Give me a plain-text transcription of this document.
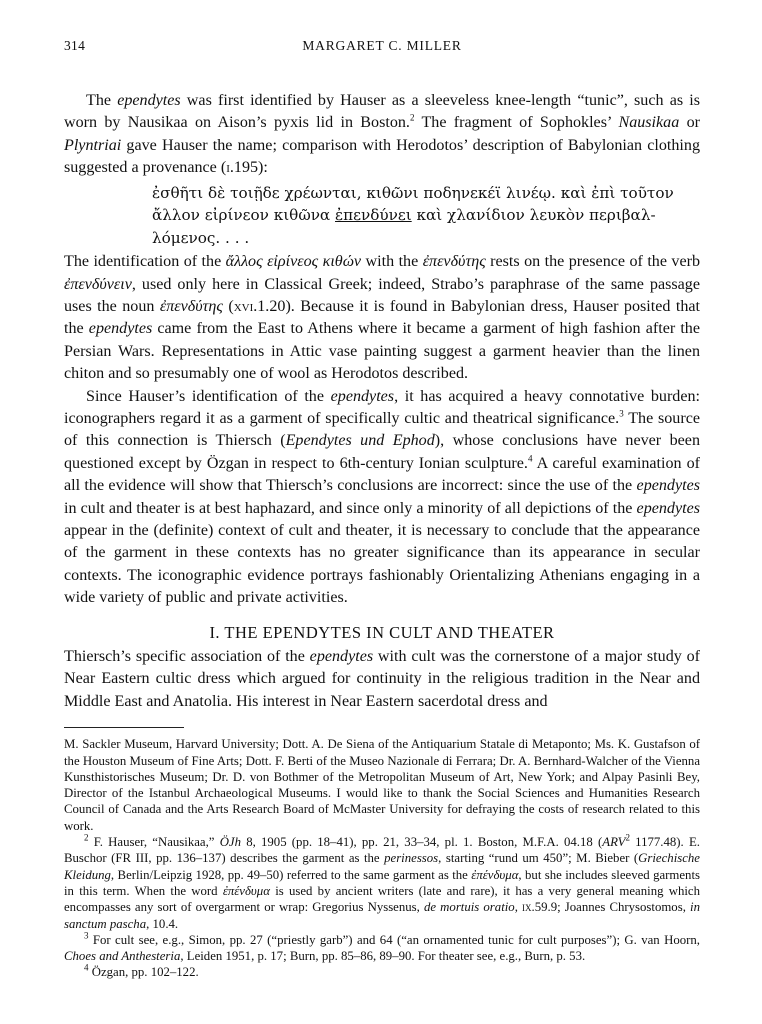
314	MARGARET C. MILLER

The ependytes was first identified by Hauser as a sleeveless knee-length “tunic”, such as is worn by Nausikaa on Aison’s pyxis lid in Boston.$^2$ The fragment of Sophokles’ Nausikaa or Plyntriai gave Hauser the name; comparison with Herodotos’ description of Babylonian clothing suggested a provenance (i.195):

ἐσθῆτι δὲ τοιῇδε χρέωνται, κιθῶνι ποδηνεκέϊ λινέῳ. καὶ ἐπὶ τοῦτον
ἄλλον εἰρίνεον κιθῶνα ἐπενδύνει καὶ χλανίδιον λευκὸν περιβαλ-
λόμενος. . . .

The identification of the ἄλλος εἰρίνεος κιθών with the ἐπενδύτης rests on the presence of the verb ἐπενδύνειν, used only here in Classical Greek; indeed, Strabo’s paraphrase of the same passage uses the noun ἐπενδύτης (xvi.1.20). Because it is found in Babylonian dress, Hauser posited that the ependytes came from the East to Athens where it became a garment of high fashion after the Persian Wars. Representations in Attic vase painting suggest a garment heavier than the linen chiton and so presumably one of wool as Herodotos described.

Since Hauser’s identification of the ependytes, it has acquired a heavy connotative burden: iconographers regard it as a garment of specifically cultic and theatrical significance.$^3$ The source of this connection is Thiersch (Ependytes und Ephod), whose conclusions have never been questioned except by Özgan in respect to 6th-century Ionian sculpture.$^4$ A careful examination of all the evidence will show that Thiersch’s conclusions are incorrect: since the use of the ependytes in cult and theater is at best haphazard, and since only a minority of all depictions of the ependytes appear in the (definite) context of cult and theater, it is necessary to conclude that the appearance of the garment in these contexts has no greater significance than its appearance in secular contexts. The iconographic evidence portrays fashionably Orientalizing Athenians engaging in a wide variety of public and private activities.

I. THE EPENDYTES IN CULT AND THEATER

Thiersch’s specific association of the ependytes with cult was the cornerstone of a major study of Near Eastern cultic dress which argued for continuity in the religious tradition in the Near and Middle East and Anatolia. His interest in Near Eastern sacerdotal dress and

M. Sackler Museum, Harvard University; Dott. A. De Siena of the Antiquarium Statale di Metaponto; Ms. K. Gustafson of the Houston Museum of Fine Arts; Dott. F. Berti of the Museo Nazionale di Ferrara; Dr. A. Bernhard-Walcher of the Vienna Kunsthistorisches Museum; Dr. D. von Bothmer of the Metropolitan Museum of Art, New York; and Alpay Pasinli Bey, Director of the Istanbul Archaeological Museums. I would like to thank the Social Sciences and Humanities Research Council of Canada and the Arts Research Board of McMaster University for defraying the costs of research related to this work.

$^2$ F. Hauser, “Nausikaa,” ÖJh 8, 1905 (pp. 18–41), pp. 21, 33–34, pl. 1. Boston, M.F.A. 04.18 (ARV$^2$ 1177.48). E. Buschor (FR III, pp. 136–137) describes the garment as the perinessos, starting “rund um 450”; M. Bieber (Griechische Kleidung, Berlin/Leipzig 1928, pp. 49–50) referred to the same garment as the ἐπένδυμα, but she includes sleeved garments in this term. When the word ἐπένδυμα is used by ancient writers (late and rare), it has a very general meaning which encompasses any sort of overgarment or wrap: Gregorius Nyssenus, de mortuis oratio, ix.59.9; Joannes Chrysostomos, in sanctum pascha, 10.4.

$^3$ For cult see, e.g., Simon, pp. 27 (“priestly garb”) and 64 (“an ornamented tunic for cult purposes”); G. van Hoorn, Choes and Anthesteria, Leiden 1951, p. 17; Burn, pp. 85–86, 89–90. For theater see, e.g., Burn, p. 53.

$^4$ Özgan, pp. 102–122.
